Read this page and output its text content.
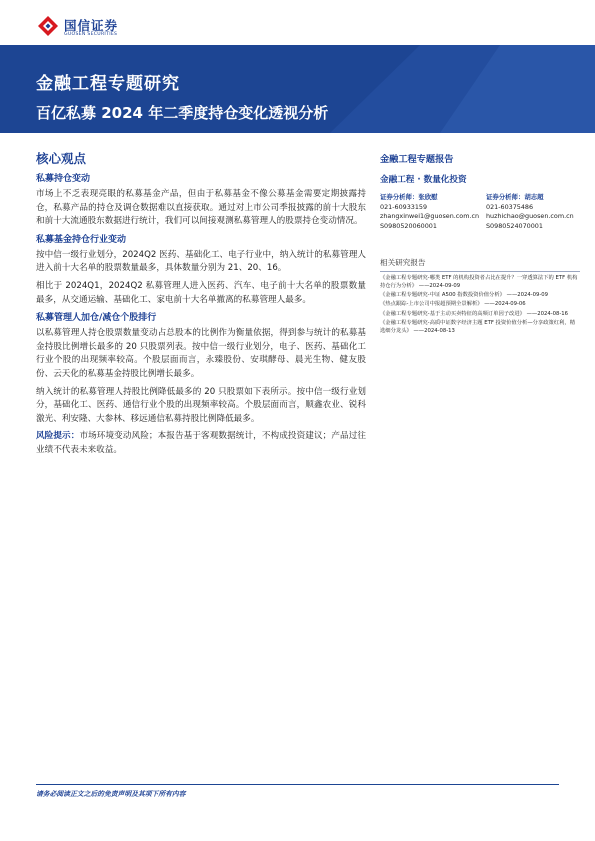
国信证券
GUOSEN SECURITIES
金融工程专题研究
百亿私募 2024 年二季度持仓变化透视分析
核心观点
私募持仓变动

市场上不乏表现亮眼的私募基金产品，但由于私募基金不像公募基金需要定期披露持仓，私募产品的持仓及调仓数据难以直接获取。通过对上市公司季报披露的前十大股东和前十大流通股东数据进行统计，我们可以间接观测私募管理人的股票持仓变动情况。

私募基金持仓行业变动

按中信一级行业划分，2024Q2 医药、基础化工、电子行业中，纳入统计的私募管理人进入前十大名单的股票数量最多，具体数量分别为 21、20、16。

相比于 2024Q1，2024Q2 私募管理人进入医药、汽车、电子前十大名单的股票数量最多，从交通运输、基础化工、家电前十大名单撤离的私募管理人最多。

私募管理人加仓/减仓个股排行

以私募管理人持仓股票数量变动占总股本的比例作为衡量依据，得到参与统计的私募基金持股比例增长最多的 20 只股票列表。按中信一级行业划分，电子、医药、基础化工行业个股的出现频率较高。个股层面而言，永臻股份、安琪酵母、晨光生物、健友股份、云天化的私募基金持股比例增长最多。

纳入统计的私募管理人持股比例降低最多的 20 只股票如下表所示。按中信一级行业划分，基础化工、医药、通信行业个股的出现频率较高。个股层面而言，顺鑫农业、锐科激光、利安隆、大参林、移远通信私募持股比例降低最多。

风险提示：市场环境变动风险；本报告基于客观数据统计，不构成投资建议；产品过往业绩不代表未来收益。

金融工程专题报告
金融工程 · 数量化投资
证券分析师：张欣慰
021-60933159
zhangxinwei1@guosen.com.cn
S0980520060001
证券分析师：胡志超
021-60375486
huzhichao@guosen.com.cn
S0980524070001
相关研究报告
《金融工程专题研究-哪类 ETF 的机构投资者占比在提升？一穿透算法下的 ETF 机构持仓行为分析》 ——2024-09-09
《金融工程专题研究-中证 A500 指数投资价值分析》 ——2024-09-09
《热点跟踪-上市公司中报超预期全景解析》 ——2024-09-06
《金融工程专题研究-基于主动买卖特征的高频订单因子改进》 ——2024-08-16
《金融工程专题研究-高质中证数字经济主题 ETF 投资价值分析—分享政策红利，精选细分龙头》 ——2024-08-13
请务必阅读正文之后的免责声明及其项下所有内容
